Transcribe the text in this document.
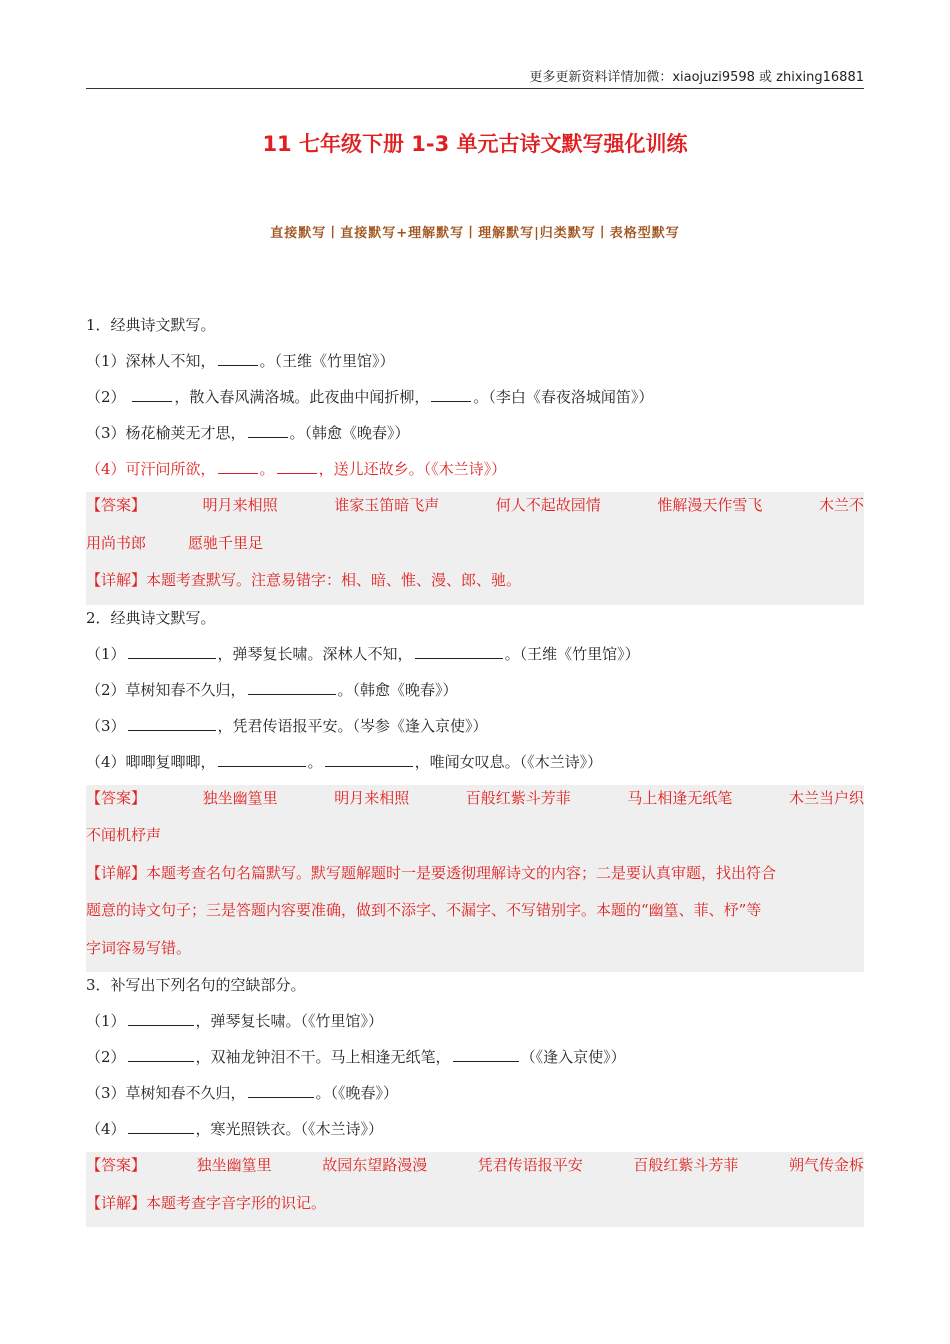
更多更新资料详情加微：xiaojuzi9598 或 zhixing16881
11 七年级下册 1-3 单元古诗文默写强化训练
直接默写丨直接默写+理解默写丨理解默写|归类默写丨表格型默写
1．经典诗文默写。
（1）深林人不知，	。（王维《竹里馆》）
（2）	，散入春风满洛城。此夜曲中闻折柳，	。（李白《春夜洛城闻笛》）
（3）杨花榆荚无才思，	。（韩愈《晚春》）
（4）可汗问所欲，	。	，送儿还故乡。（《木兰诗》）
【答案】	明月来相照	谁家玉笛暗飞声	何人不起故园情	惟解漫天作雪飞	木兰不
用尚书郎	愿驰千里足
【详解】本题考查默写。注意易错字：相、暗、惟、漫、郎、驰。
2．经典诗文默写。
（1）	，弹琴复长啸。深林人不知，	。（王维《竹里馆》）
（2）草树知春不久归，	。（韩愈《晚春》）
（3）	，凭君传语报平安。（岑参《逢入京使》）
（4）唧唧复唧唧，	。	，唯闻女叹息。（《木兰诗》）
【答案】	独坐幽篁里	明月来相照	百般红紫斗芳菲	马上相逢无纸笔	木兰当户织
不闻机杼声
【详解】本题考查名句名篇默写。默写题解题时一是要透彻理解诗文的内容；二是要认真审题，找出符合
题意的诗文句子；三是答题内容要准确，做到不添字、不漏字、不写错别字。本题的“幽篁、菲、杼”等
字词容易写错。
3．补写出下列名句的空缺部分。
（1）	，弹琴复长啸。（《竹里馆》）
（2）	，双袖龙钟泪不干。马上相逢无纸笔，	（《逢入京使》）
（3）草树知春不久归，	。（《晚春》）
（4）	，寒光照铁衣。（《木兰诗》）
【答案】	独坐幽篁里	故园东望路漫漫	凭君传语报平安	百般红紫斗芳菲	朔气传金柝
【详解】本题考查字音字形的识记。
